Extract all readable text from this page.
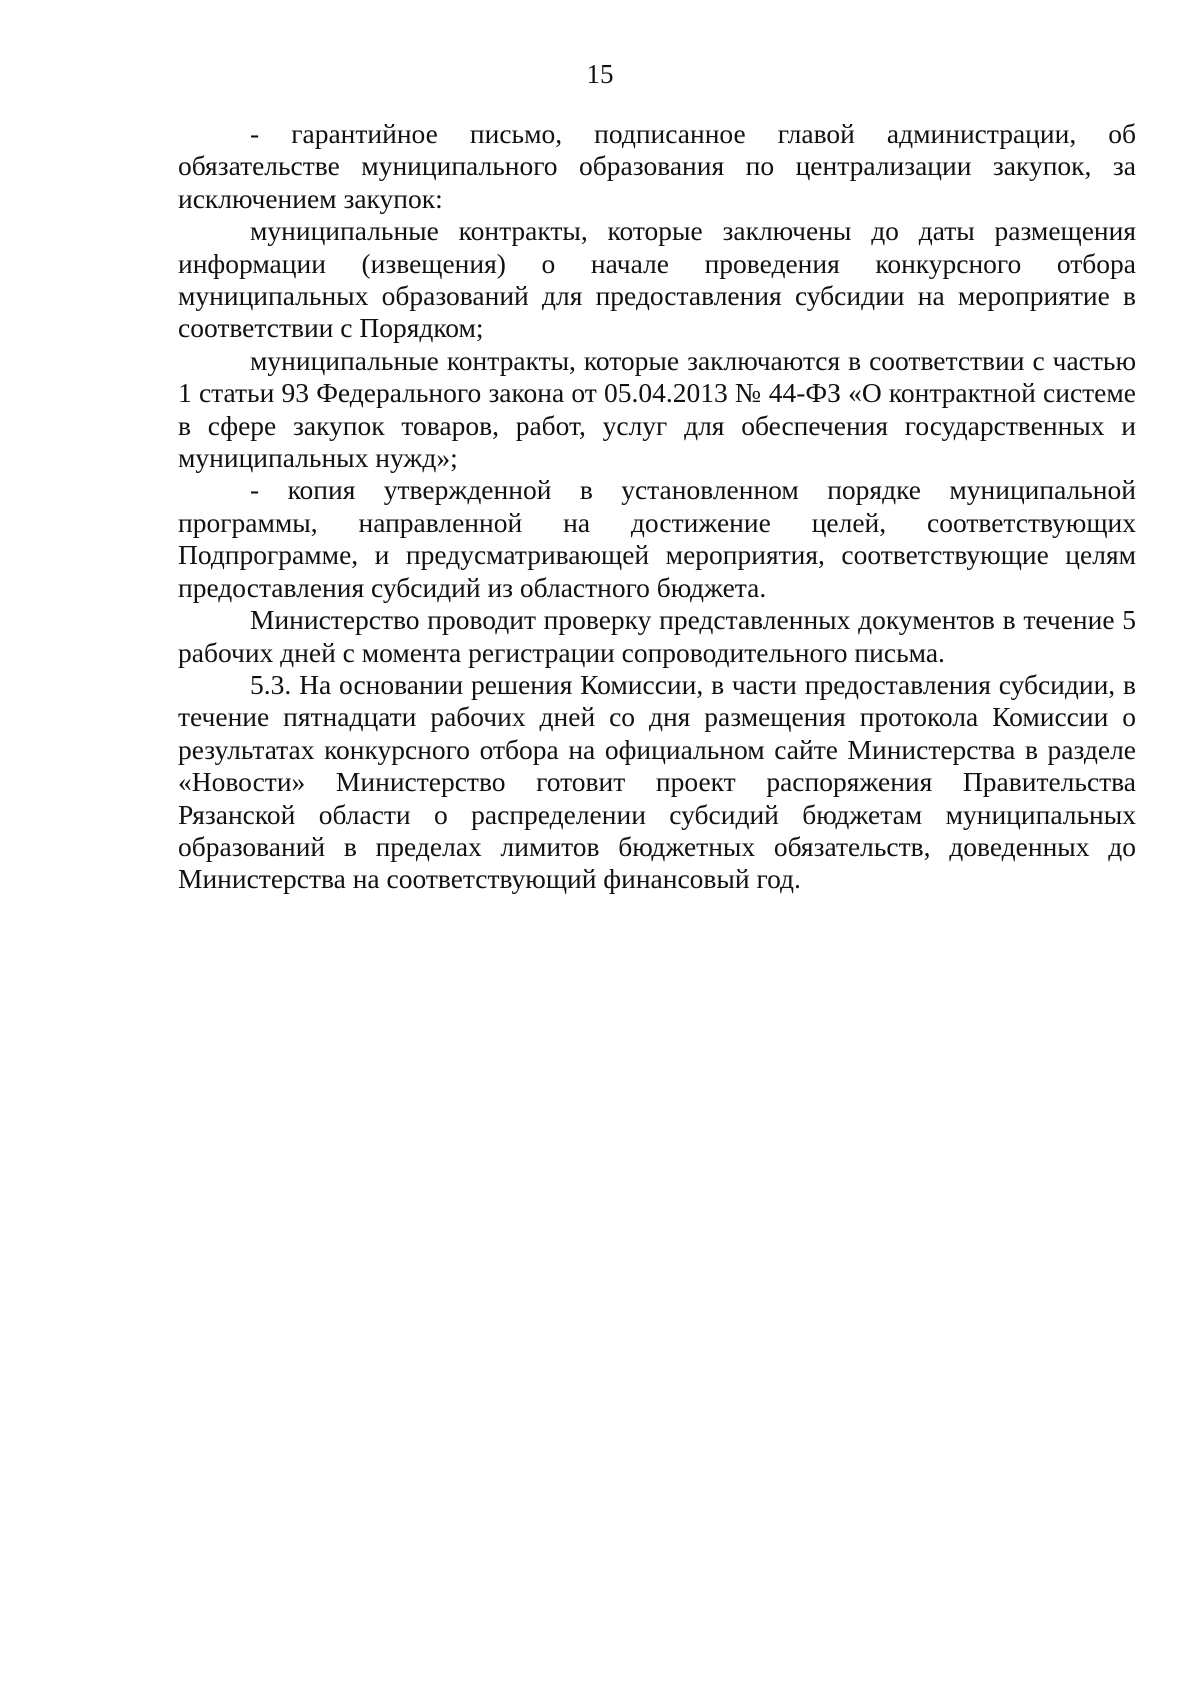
15

- гарантийное письмо, подписанное главой администрации, об обязательстве муниципального образования по централизации закупок, за исключением закупок:

муниципальные контракты, которые заключены до даты размещения информации (извещения) о начале проведения конкурсного отбора муниципальных образований для предоставления субсидии на мероприятие в соответствии с Порядком;

муниципальные контракты, которые заключаются в соответствии с частью 1 статьи 93 Федерального закона от 05.04.2013 № 44-ФЗ «О контрактной системе в сфере закупок товаров, работ, услуг для обеспечения государственных и муниципальных нужд»;

- копия утвержденной в установленном порядке муниципальной программы, направленной на достижение целей, соответствующих Подпрограмме, и предусматривающей мероприятия, соответствующие целям предоставления субсидий из областного бюджета.

Министерство проводит проверку представленных документов в течение 5 рабочих дней с момента регистрации сопроводительного письма.

5.3. На основании решения Комиссии, в части предоставления субсидии, в течение пятнадцати рабочих дней со дня размещения протокола Комиссии о результатах конкурсного отбора на официальном сайте Министерства в разделе «Новости» Министерство готовит проект распоряжения Правительства Рязанской области о распределении субсидий бюджетам муниципальных образований в пределах лимитов бюджетных обязательств, доведенных до Министерства на соответствующий финансовый год.
